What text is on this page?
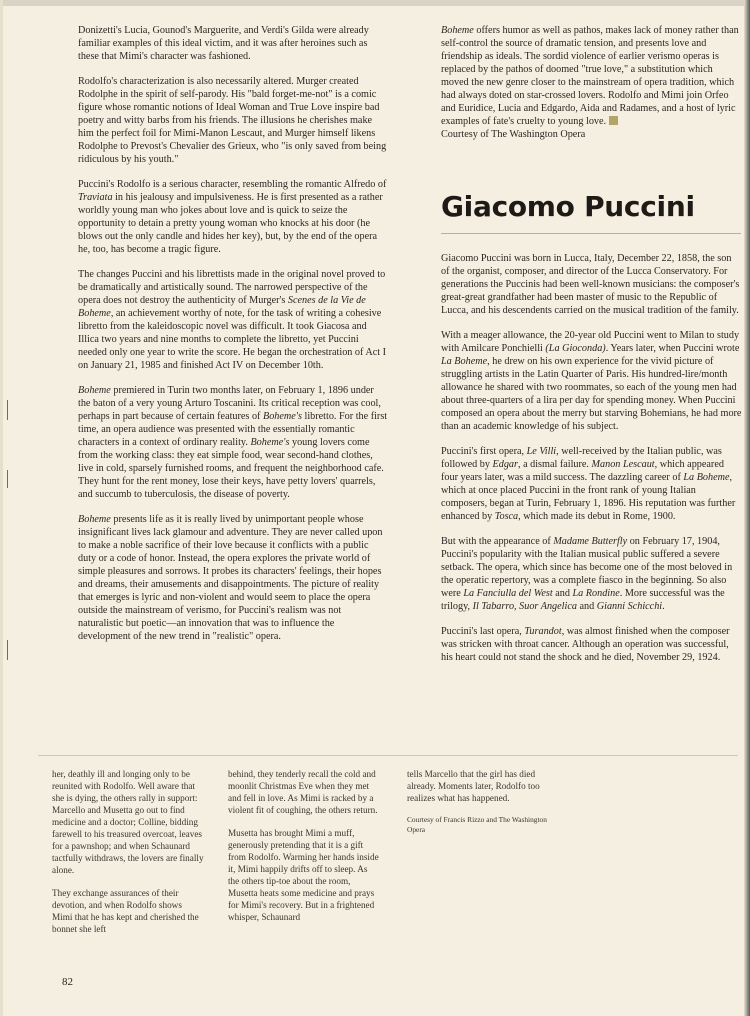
Donizetti's Lucia, Gounod's Marguerite, and Verdi's Gilda were already familiar examples of this ideal victim, and it was after heroines such as these that Mimi's character was fashioned.

Rodolfo's characterization is also necessarily altered. Murger created Rodolphe in the spirit of self-parody. His "bald forget-me-not" is a comic figure whose romantic notions of Ideal Woman and True Love inspire bad poetry and witty barbs from his friends. The illusions he cherishes make him the perfect foil for Mimi-Manon Lescaut, and Murger himself likens Rodolphe to Prevost's Chevalier des Grieux, who "is only saved from being ridiculous by his youth."

Puccini's Rodolfo is a serious character, resembling the romantic Alfredo of Traviata in his jealousy and impulsiveness. He is first presented as a rather worldly young man who jokes about love and is quick to seize the opportunity to detain a pretty young woman who knocks at his door (he blows out the only candle and hides her key), but, by the end of the opera he, too, has become a tragic figure.

The changes Puccini and his librettists made in the original novel proved to be dramatically and artistically sound. The narrowed perspective of the opera does not destroy the authenticity of Murger's Scenes de la Vie de Boheme, an achievement worthy of note, for the task of writing a cohesive libretto from the kaleidoscopic novel was difficult. It took Giacosa and Illica two years and nine months to complete the libretto, yet Puccini needed only one year to write the score. He began the orchestration of Act I on January 21, 1985 and finished Act IV on December 10th.

Boheme premiered in Turin two months later, on February 1, 1896 under the baton of a very young Arturo Toscanini. Its critical reception was cool, perhaps in part because of certain features of Boheme's libretto. For the first time, an opera audience was presented with the essentially romantic characters in a context of ordinary reality. Boheme's young lovers come from the working class: they eat simple food, wear second-hand clothes, live in cold, sparsely furnished rooms, and frequent the neighborhood cafe. They hunt for the rent money, lose their keys, have petty lovers' quarrels, and succumb to tuberculosis, the disease of poverty.

Boheme presents life as it is really lived by unimportant people whose insignificant lives lack glamour and adventure. They are never called upon to make a noble sacrifice of their love because it conflicts with a public duty or a code of honor. Instead, the opera explores the private world of simple pleasures and sorrows. It probes its characters' feelings, their hopes and dreams, their amusements and disappointments. The picture of reality that emerges is lyric and non-violent and would seem to place the opera outside the mainstream of verismo, for Puccini's realism was not naturalistic but poetic—an innovation that was to influence the development of the new trend in "realistic" opera.

Boheme offers humor as well as pathos, makes lack of money rather than self-control the source of dramatic tension, and presents love and friendship as ideals. The sordid violence of earlier verismo operas is replaced by the pathos of doomed "true love," a substitution which moved the new genre closer to the mainstream of opera tradition, which had always doted on star-crossed lovers. Rodolfo and Mimi join Orfeo and Euridice, Lucia and Edgardo, Aida and Radames, and a host of lyric examples of fate's cruelty to young love.

Courtesy of The Washington Opera

Giacomo Puccini

Giacomo Puccini was born in Lucca, Italy, December 22, 1858, the son of the organist, composer, and director of the Lucca Conservatory. For generations the Puccinis had been well-known musicians: the composer's great-great grandfather had been master of music to the Republic of Lucca, and his descendents carried on the musical tradition of the family.

With a meager allowance, the 20-year old Puccini went to Milan to study with Amilcare Ponchielli (La Gioconda). Years later, when Puccini wrote La Boheme, he drew on his own experience for the vivid picture of struggling artists in the Latin Quarter of Paris. His hundred-lire/month allowance he shared with two roommates, so each of the young men had about three-quarters of a lira per day for spending money. When Puccini composed an opera about the merry but starving Bohemians, he had more than an academic knowledge of his subject.

Puccini's first opera, Le Villi, well-received by the Italian public, was followed by Edgar, a dismal failure. Manon Lescaut, which appeared four years later, was a mild success. The dazzling career of La Boheme, which at once placed Puccini in the front rank of young Italian composers, began at Turin, February 1, 1896. His reputation was further enhanced by Tosca, which made its debut in Rome, 1900.

But with the appearance of Madame Butterfly on February 17, 1904, Puccini's popularity with the Italian musical public suffered a severe setback. The opera, which since has become one of the most beloved in the operatic repertory, was a complete fiasco in the beginning. So also were La Fanciulla del West and La Rondine. More successful was the trilogy, Il Tabarro, Suor Angelica and Gianni Schicchi.

Puccini's last opera, Turandot, was almost finished when the composer was stricken with throat cancer. Although an operation was successful, his heart could not stand the shock and he died, November 29, 1924.

her, deathly ill and longing only to be reunited with Rodolfo. Well aware that she is dying, the others rally in support: Marcello and Musetta go out to find medicine and a doctor; Colline, bidding farewell to his treasured overcoat, leaves for a pawnshop; and when Schaunard tactfully withdraws, the lovers are finally alone.

They exchange assurances of their devotion, and when Rodolfo shows Mimi that he has kept and cherished the bonnet she left

behind, they tenderly recall the cold and moonlit Christmas Eve when they met and fell in love. As Mimi is racked by a violent fit of coughing, the others return.

Musetta has brought Mimi a muff, generously pretending that it is a gift from Rodolfo. Warming her hands inside it, Mimi happily drifts off to sleep. As the others tip-toe about the room, Musetta heats some medicine and prays for Mimi's recovery. But in a frightened whisper, Schaunard

tells Marcello that the girl has died already. Moments later, Rodolfo too realizes what has happened.

Courtesy of Francis Rizzo and The Washington Opera

82
